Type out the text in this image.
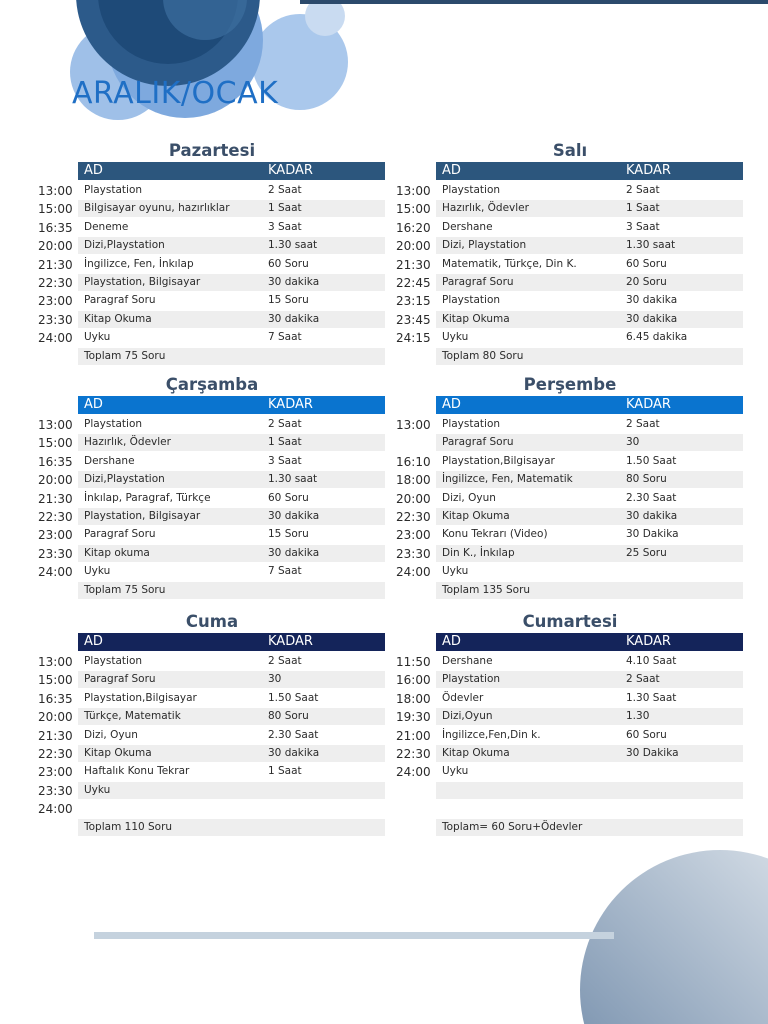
ARALIK/OCAK
Pazartesi
AD	KADAR
13:00 Playstation	2 Saat
15:00 Bilgisayar oyunu, hazırlıklar	1 Saat
16:35 Deneme	3 Saat
20:00 Dizi,Playstation	1.30 saat
21:30 İngilizce, Fen, İnkılap	60 Soru
22:30 Playstation, Bilgisayar	30 dakika
23:00 Paragraf Soru	15 Soru
23:30 Kitap Okuma	30 dakika
24:00 Uyku	7 Saat
Toplam 75 Soru
Salı
AD	KADAR
13:00 Playstation	2 Saat
15:00 Hazırlık, Ödevler	1 Saat
16:20 Dershane	3 Saat
20:00 Dizi, Playstation	1.30 saat
21:30 Matematik, Türkçe, Din K.	60 Soru
22:45 Paragraf Soru	20 Soru
23:15 Playstation	30 dakika
23:45 Kitap Okuma	30 dakika
24:15 Uyku	6.45 dakika
Toplam 80 Soru
Çarşamba
AD	KADAR
13:00 Playstation	2 Saat
15:00 Hazırlık, Ödevler	1 Saat
16:35 Dershane	3 Saat
20:00 Dizi,Playstation	1.30 saat
21:30 İnkılap, Paragraf, Türkçe	60 Soru
22:30 Playstation, Bilgisayar	30 dakika
23:00 Paragraf Soru	15 Soru
23:30 Kitap okuma	30 dakika
24:00 Uyku	7 Saat
Toplam 75 Soru
Perşembe
AD	KADAR
13:00 Playstation	2 Saat
Paragraf Soru	30
16:10 Playstation,Bilgisayar	1.50 Saat
18:00 İngilizce, Fen, Matematik	80 Soru
20:00 Dizi, Oyun	2.30 Saat
22:30 Kitap Okuma	30 dakika
23:00 Konu Tekrarı (Video)	30 Dakika
23:30 Din K., İnkılap	25 Soru
24:00 Uyku
Toplam 135 Soru
Cuma
AD	KADAR
13:00 Playstation	2 Saat
15:00 Paragraf Soru	30
16:35 Playstation,Bilgisayar	1.50 Saat
20:00 Türkçe, Matematik	80 Soru
21:30 Dizi, Oyun	2.30 Saat
22:30 Kitap Okuma	30 dakika
23:00 Haftalık Konu Tekrar	1 Saat
23:30 Uyku
24:00
Toplam 110 Soru
Cumartesi
AD	KADAR
11:50 Dershane	4.10 Saat
16:00 Playstation	2 Saat
18:00 Ödevler	1.30 Saat
19:30 Dizi,Oyun	1.30
21:00 İngilizce,Fen,Din k.	60 Soru
22:30 Kitap Okuma	30 Dakika
24:00 Uyku
Toplam= 60 Soru+Ödevler
